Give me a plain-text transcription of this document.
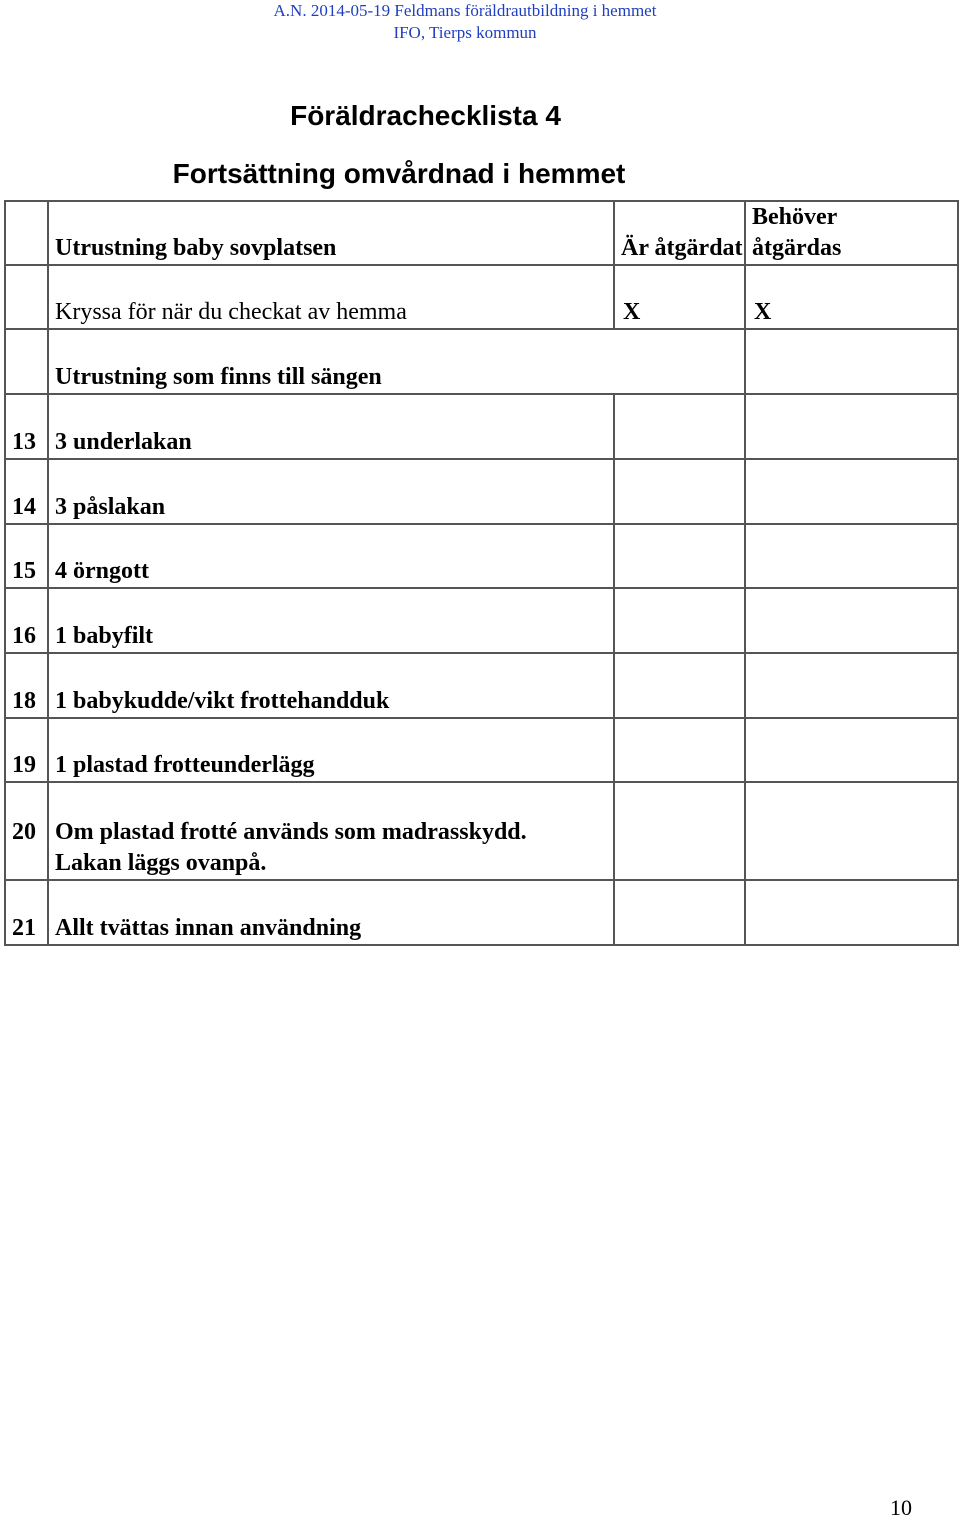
A.N. 2014-05-19 Feldmans föräldrautbildning i hemmet
IFO, Tierps kommun
Föräldrachecklista 4
Fortsättning omvårdnad i hemmet
	Utrustning baby sovplatsen	Är åtgärdat	Behöver åtgärdas
	Kryssa för när du checkat av hemma	X	X
	Utrustning som finns till sängen		
13	3 underlakan		
14	3 påslakan		
15	4 örngott		
16	1 babyfilt		
18	1 babykudde/vikt frottehandduk		
19	1 plastad frotteunderlägg		
20	Om plastad frotté används som madrasskydd.
Lakan läggs ovanpå.		

21	Allt tvättas innan användning		
10
